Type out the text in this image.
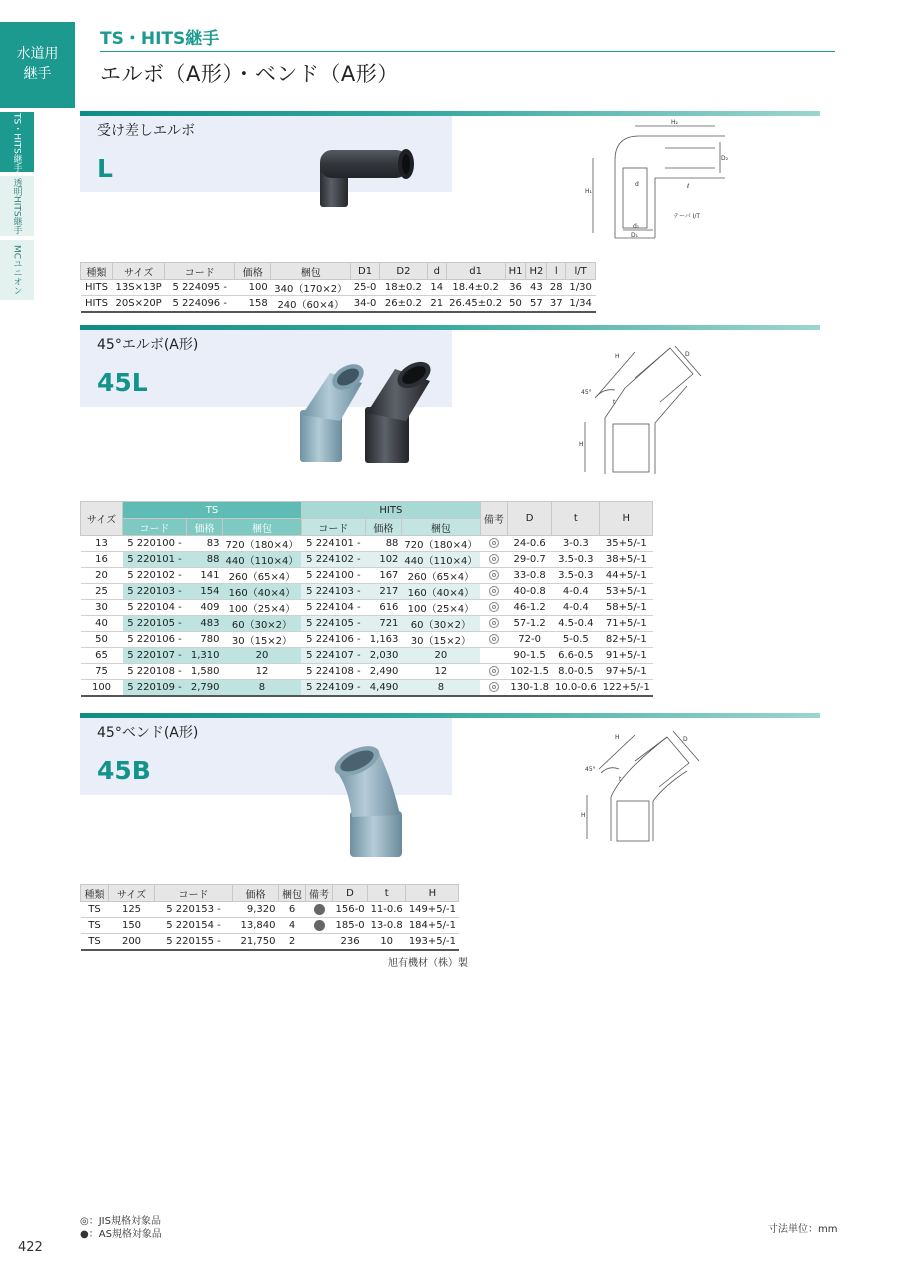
水道用
継手
TS・HITS継手
透明HITS継手
MCユニオン
TS・HITS継手
エルボ（A形）・ベンド（A形）
受け差しエルボ
L
H₂
D₂
H₁
d	ℓ
テーパ I/T
d₁
D₁
種類	サイズ	コード	価格	梱包	D1	D2	d	d1	H1	H2	l	l/T
HITS	13S×13P	5 224095 -	100	340（170×2）	25-0	18±0.2	14	18.4±0.2	36	43	28	1/30
HITS	20S×20P	5 224096 -	158	240（60×4）	34-0	26±0.2	21	26.45±0.2	50	57	37	1/34
45°エルボ(A形)
45L
H
H	D
45°
t
サイズ	TS			HITS			備考	D	t	H
	コード	価格	梱包	コード	価格	梱包				
13	5 220100 -	83	720（180×4）	5 224101 -	88	720（180×4）		24-0.6	3-0.3	35+5/-1
16	5 220101 -	88	440（110×4）	5 224102 -	102	440（110×4）		29-0.7	3.5-0.3	38+5/-1
20	5 220102 -	141	260（65×4）	5 224100 -	167	260（65×4）		33-0.8	3.5-0.3	44+5/-1
25	5 220103 -	154	160（40×4）	5 224103 -	217	160（40×4）		40-0.8	4-0.4	53+5/-1
30	5 220104 -	409	100（25×4）	5 224104 -	616	100（25×4）		46-1.2	4-0.4	58+5/-1
40	5 220105 -	483	60（30×2）	5 224105 -	721	60（30×2）		57-1.2	4.5-0.4	71+5/-1
50	5 220106 -	780	30（15×2）	5 224106 -	1,163	30（15×2）		72-0	5-0.5	82+5/-1
65	5 220107 -	1,310	20	5 224107 -	2,030	20		90-1.5	6.6-0.5	91+5/-1
75	5 220108 -	1,580	12	5 224108 -	2,490	12		102-1.5	8.0-0.5	97+5/-1
100	5 220109 -	2,790	8	5 224109 -	4,490	8		130-1.8	10.0-0.6	122+5/-1
45°ベンド(A形)
45B
H
H	D
45°
t
種類	サイズ	コード	価格	梱包	備考	D	t	H
TS	125	5 220153 -	9,320	6		156-0	11-0.6	149+5/-1
TS	150	5 220154 -	13,840	4		185-0	13-0.8	184+5/-1
TS	200	5 220155 -	21,750	2		236	10	193+5/-1
旭有機材（株）製
◎：JIS規格対象品
●：AS規格対象品	寸法単位：mm
422
